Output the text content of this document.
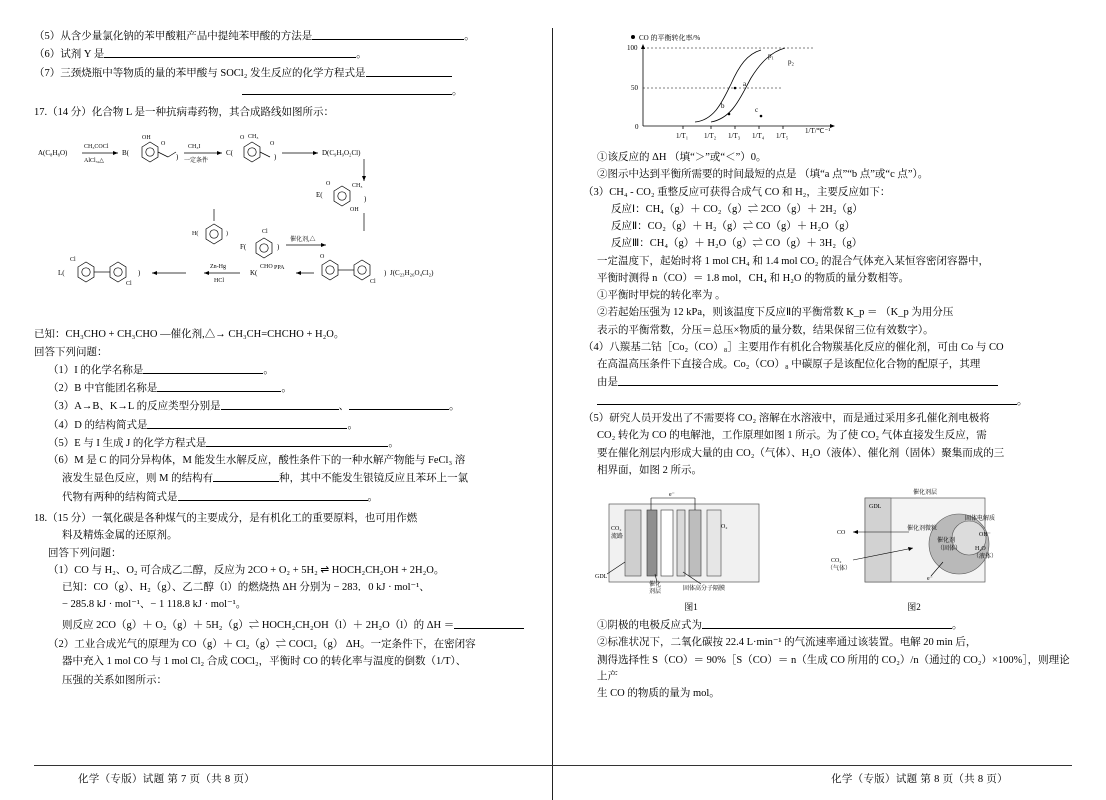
（5）从含少量氯化钠的苯甲酸粗产品中提纯苯甲酸的方法是	。
（6）试剂 Y 是	。
（7）三颈烧瓶中等物质的量的苯甲酸与 SOCl₂ 发生反应的化学方程式是
。
17.（14 分）化合物 L 是一种抗病毒药物，其合成路线如图所示：
A(C₈H₈O)
CH₃COCl
AlCl₃,△
B(
OH
O
)
CH₃I
一定条件
C(
O CH₃
O
)	D(C₉H₉O₂Cl)
E(
O	CH₃
OH
)
Cl
CHO
F(	)
催化剂,△
O
Cl
) J(C₂₃H₂₆O₄Cl₂)
PPA
K(
Zn-Hg
HCl
L(
Cl
Cl
)
H(	)
已知：CH₃CHO + CH₃CHO —催化剂,△→ CH₃CH=CHCHO + H₂O。
回答下列问题：
（1）I 的化学名称是	。
（2）B 中官能团名称是	。
（3）A→B、K→L 的反应类型分别是	、	。
（4）D 的结构简式是	。
（5）E 与 I 生成 J 的化学方程式是	。
（6）M 是 C 的同分异构体，M 能发生水解反应，酸性条件下的一种水解产物能与 FeCl₃ 溶
液发生显色反应，则 M 的结构有	种，其中不能发生银镜反应且苯环上一氯
代物有两种的结构简式是	。
18.（15 分）一氧化碳是各种煤气的主要成分，是有机化工的重要原料，也可用作燃
料及精炼金属的还原剂。
回答下列问题：
（1）CO 与 H₂、O₂ 可合成乙二醇，反应为 2CO + O₂ + 5H₂ ⇌ HOCH₂CH₂OH + 2H₂O。
已知：CO（g）、H₂（g）、乙二醇（l）的燃烧热 ΔH 分别为 − 283．0 kJ · mol⁻¹、
− 285.8 kJ · mol⁻¹、− 1 118.8 kJ · mol⁻¹。
则反应 2CO（g）＋ O₂（g）＋ 5H₂（g）⇌ HOCH₂CH₂OH（l）＋ 2H₂O（l）的 ΔH ＝
（2）工业合成光气的原理为 CO（g）＋ Cl₂（g）⇌ COCl₂（g） ΔH。一定条件下，在密闭容
器中充入 1 mol CO 与 1 mol Cl₂ 合成 COCl₂，平衡时 CO 的转化率与温度的倒数（1/T）、
压强的关系如图所示：
化学（专版）试题 第 7 页（共 8 页）
CO 的平衡转化率/%
100
50
0
1/T₁ 1/T₂ 1/T₃ 1/T₄ 1/T₅
1/T/℃⁻¹
p₁
p₂
a
b	c
①该反应的 ΔH （填“＞”或“＜”）0。
②图示中达到平衡所需要的时间最短的点是 （填“a 点”“b 点”或“c 点”）。
（3）CH₄ - CO₂ 重整反应可获得合成气 CO 和 H₂，主要反应如下：
反应Ⅰ：CH₄（g）＋ CO₂（g）⇌ 2CO（g）＋ 2H₂（g）
反应Ⅱ：CO₂（g）＋ H₂（g）⇌ CO（g）＋ H₂O（g）
反应Ⅲ：CH₄（g）＋ H₂O（g）⇌ CO（g）＋ 3H₂（g）
一定温度下，起始时将 1 mol CH₄ 和 1.4 mol CO₂ 的混合气体充入某恒容密闭容器中，
平衡时测得 n（CO）＝ 1.8 mol，CH₄ 和 H₂O 的物质的量分数相等。
①平衡时甲烷的转化率为 。
②若起始压强为 12 kPa，则该温度下反应Ⅱ的平衡常数 K_p ＝ （K_p 为用分压
表示的平衡常数，分压＝总压×物质的量分数，结果保留三位有效数字）。
（4）八羰基二钴［Co₂（CO）₈］主要用作有机化合物羰基化反应的催化剂，可由 Co 与 CO
在高温高压条件下直接合成。Co₂（CO）₈ 中碳原子是该配位化合物的配原子，其理
由是
。
（5）研究人员开发出了不需要将 CO₂ 溶解在水溶液中，而是通过采用多孔催化剂电极将
CO₂ 转化为 CO 的电解池，工作原理如图 1 所示。为了使 CO₂ 气体直接发生反应，需
要在催化剂层内形成大量的由 CO₂（气体）、H₂O（液体）、催化剂（固体）聚集而成的三
相界面，如图 2 所示。
e⁻
CO₂
流路
O₂
GDL
催化
剂层	固体高分子隔膜
图1
GDL
催化剂层
催化剂微粒
催化剂
（固体）
固体电解质
OH⁻
H₂O
（液体）
CO
CO₂
（气体）
e⁻
图2
①阴极的电极反应式为	。
②标准状况下，二氧化碳按 22.4 L·min⁻¹ 的气流速率通过该装置。电解 20 min 后，
测得选择性 S（CO）＝ 90%［S（CO）＝ n（生成 CO 所用的 CO₂）/n（通过的 CO₂）×100%］，则理论上产
生 CO 的物质的量为 mol。
化学（专版）试题 第 8 页（共 8 页）
